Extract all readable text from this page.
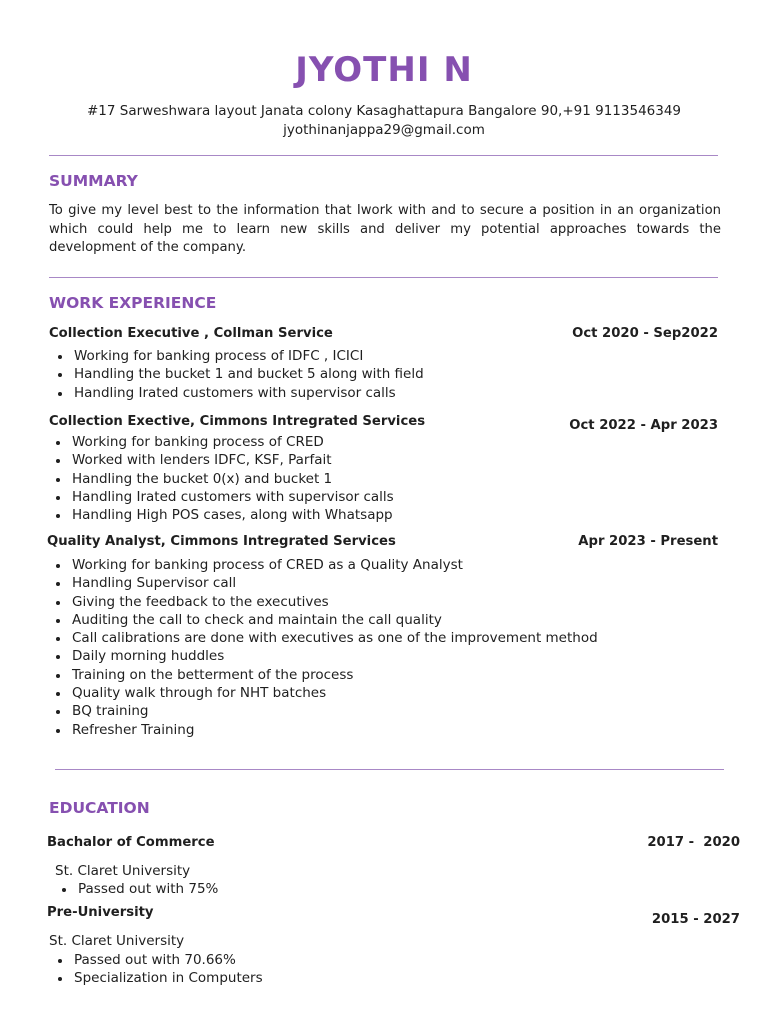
JYOTHI N
#17 Sarweshwara layout Janata colony Kasaghattapura Bangalore 90,+91 9113546349
jyothinanjappa29@gmail.com
SUMMARY
To give my level best to the information that Iwork with and to secure a position in an organization which could help me to learn new skills and deliver my potential approaches towards the development of the company.
WORK EXPERIENCE
Collection Executive , Collman Service	Oct 2020 - Sep2022
Working for banking process of IDFC , ICICI
Handling the bucket 1 and bucket 5 along with field
Handling Irated customers with supervisor calls
Collection Exective, Cimmons Intregrated Services	Oct 2022 - Apr 2023
Working for banking process of CRED
Worked with lenders IDFC, KSF, Parfait
Handling the bucket 0(x) and bucket 1
Handling Irated customers with supervisor calls
Handling High POS cases, along with Whatsapp
Quality Analyst, Cimmons Intregrated Services	Apr 2023 - Present
Working for banking process of CRED as a Quality Analyst
Handling Supervisor call
Giving the feedback to the executives
Auditing the call to check and maintain the call quality
Call calibrations are done with executives as one of the improvement method
Daily morning huddles
Training on the betterment of the process
Quality walk through for NHT batches
BQ training
Refresher Training
EDUCATION
Bachalor of Commerce	2017 -  2020
St. Claret University
Passed out with 75%
Pre-University	2015 - 2027
St. Claret University
Passed out with 70.66%
Specialization in Computers
